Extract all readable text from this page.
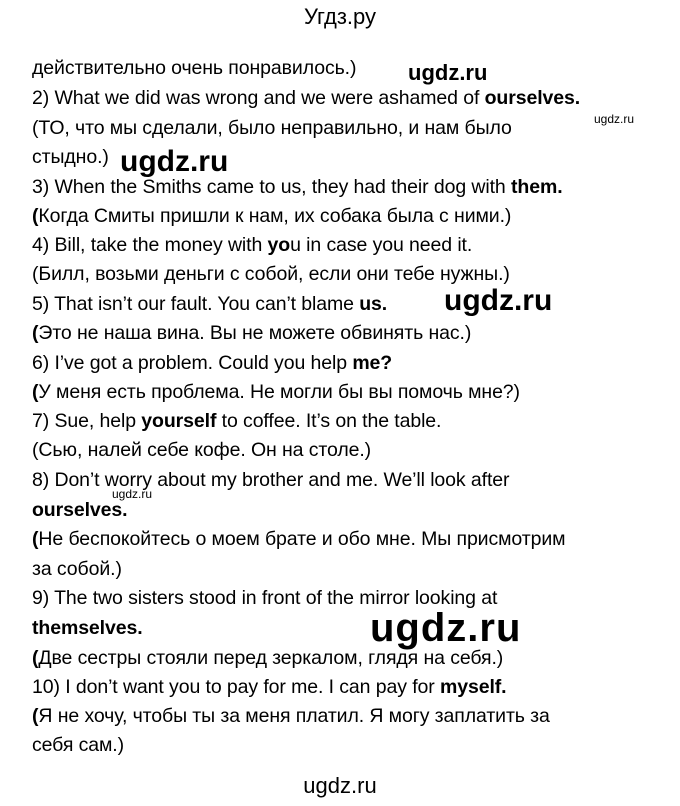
Угдз.ру
действительно очень понравилось.)
2) What we did was wrong and we were ashamed of ourselves.
(ТО, что мы сделали, было неправильно, и нам было
стыдно.)
3) When the Smiths came to us, they had their dog with them.
(Когда Смиты пришли к нам, их собака была с ними.)
4) Bill, take the money with you in case you need it.
(Билл, возьми деньги с собой, если они тебе нужны.)
5) That isn’t our fault. You can’t blame us.
(Это не наша вина. Вы не можете обвинять нас.)
6) I’ve got a problem. Could you help me?
(У меня есть проблема. Не могли бы вы помочь мне?)
7) Sue, help yourself to coffee. It’s on the table.
(Сью, налей себе кофе. Он на столе.)
8) Don’t worry about my brother and me. We’ll look after
ourselves.
(Не беспокойтесь о моем брате и обо мне. Мы присмотрим
за собой.)
9) The two sisters stood in front of the mirror looking at
themselves.
(Две сестры стояли перед зеркалом, глядя на себя.)
10) I don’t want you to pay for me. I can pay for myself.
(Я не хочу, чтобы ты за меня платил. Я могу заплатить за
себя сам.)
ugdz.ru
ugdz.ru
ugdz.ru
ugdz.ru
ugdz.ru
ugdz.ru
ugdz.ru
